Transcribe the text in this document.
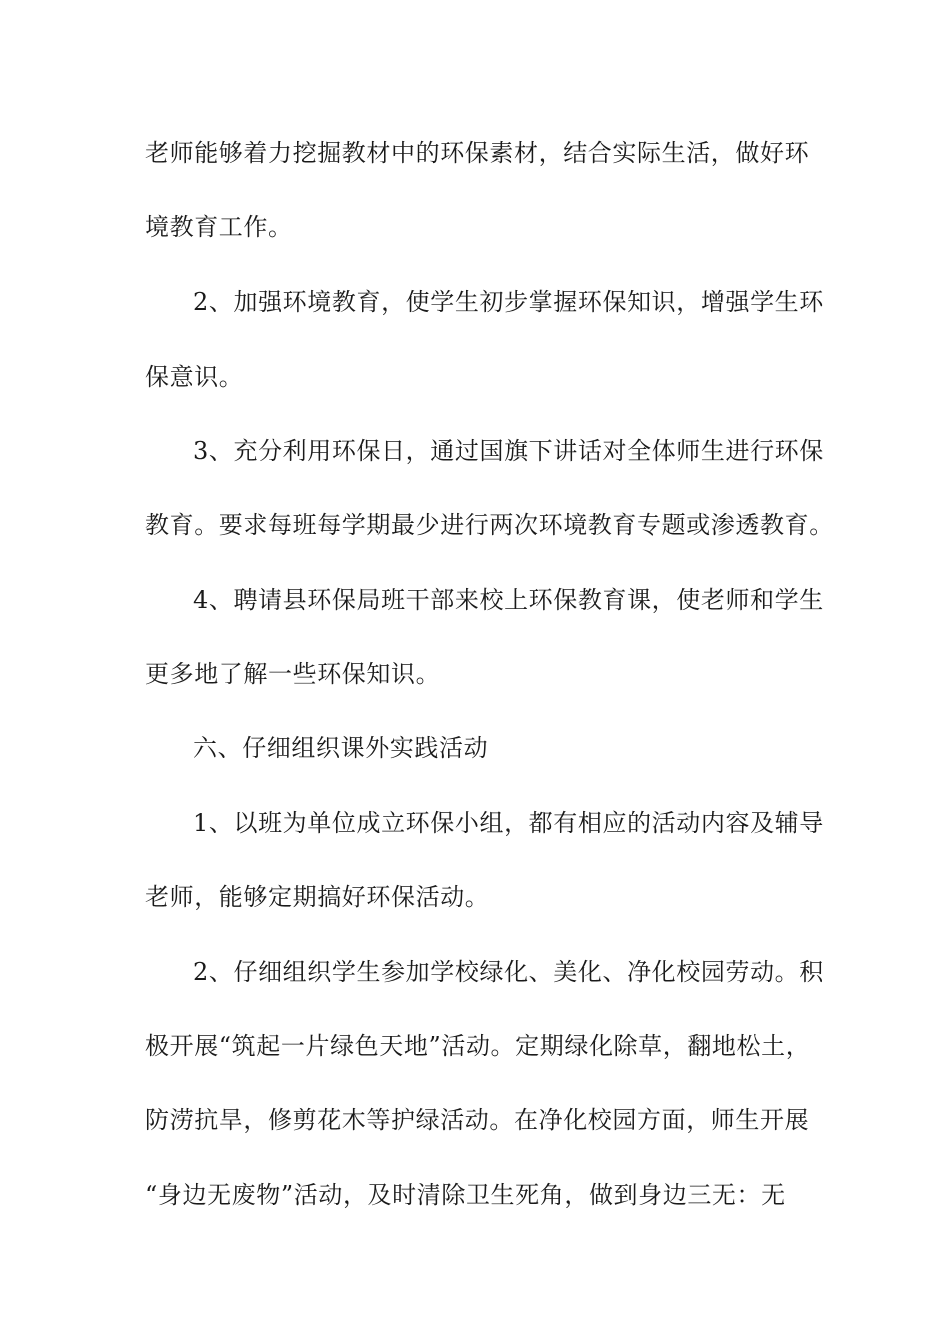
老师能够着力挖掘教材中的环保素材，结合实际生活，做好环
境教育工作。
2、加强环境教育，使学生初步掌握环保知识，增强学生环
保意识。
3、充分利用环保日，通过国旗下讲话对全体师生进行环保
教育。要求每班每学期最少进行两次环境教育专题或渗透教育。
4、聘请县环保局班干部来校上环保教育课，使老师和学生
更多地了解一些环保知识。
六、仔细组织课外实践活动
1、以班为单位成立环保小组，都有相应的活动内容及辅导
老师，能够定期搞好环保活动。
2、仔细组织学生参加学校绿化、美化、净化校园劳动。积
极开展“筑起一片绿色天地”活动。定期绿化除草，翻地松土，
防涝抗旱，修剪花木等护绿活动。在净化校园方面，师生开展
“身边无废物”活动，及时清除卫生死角，做到身边三无：无
